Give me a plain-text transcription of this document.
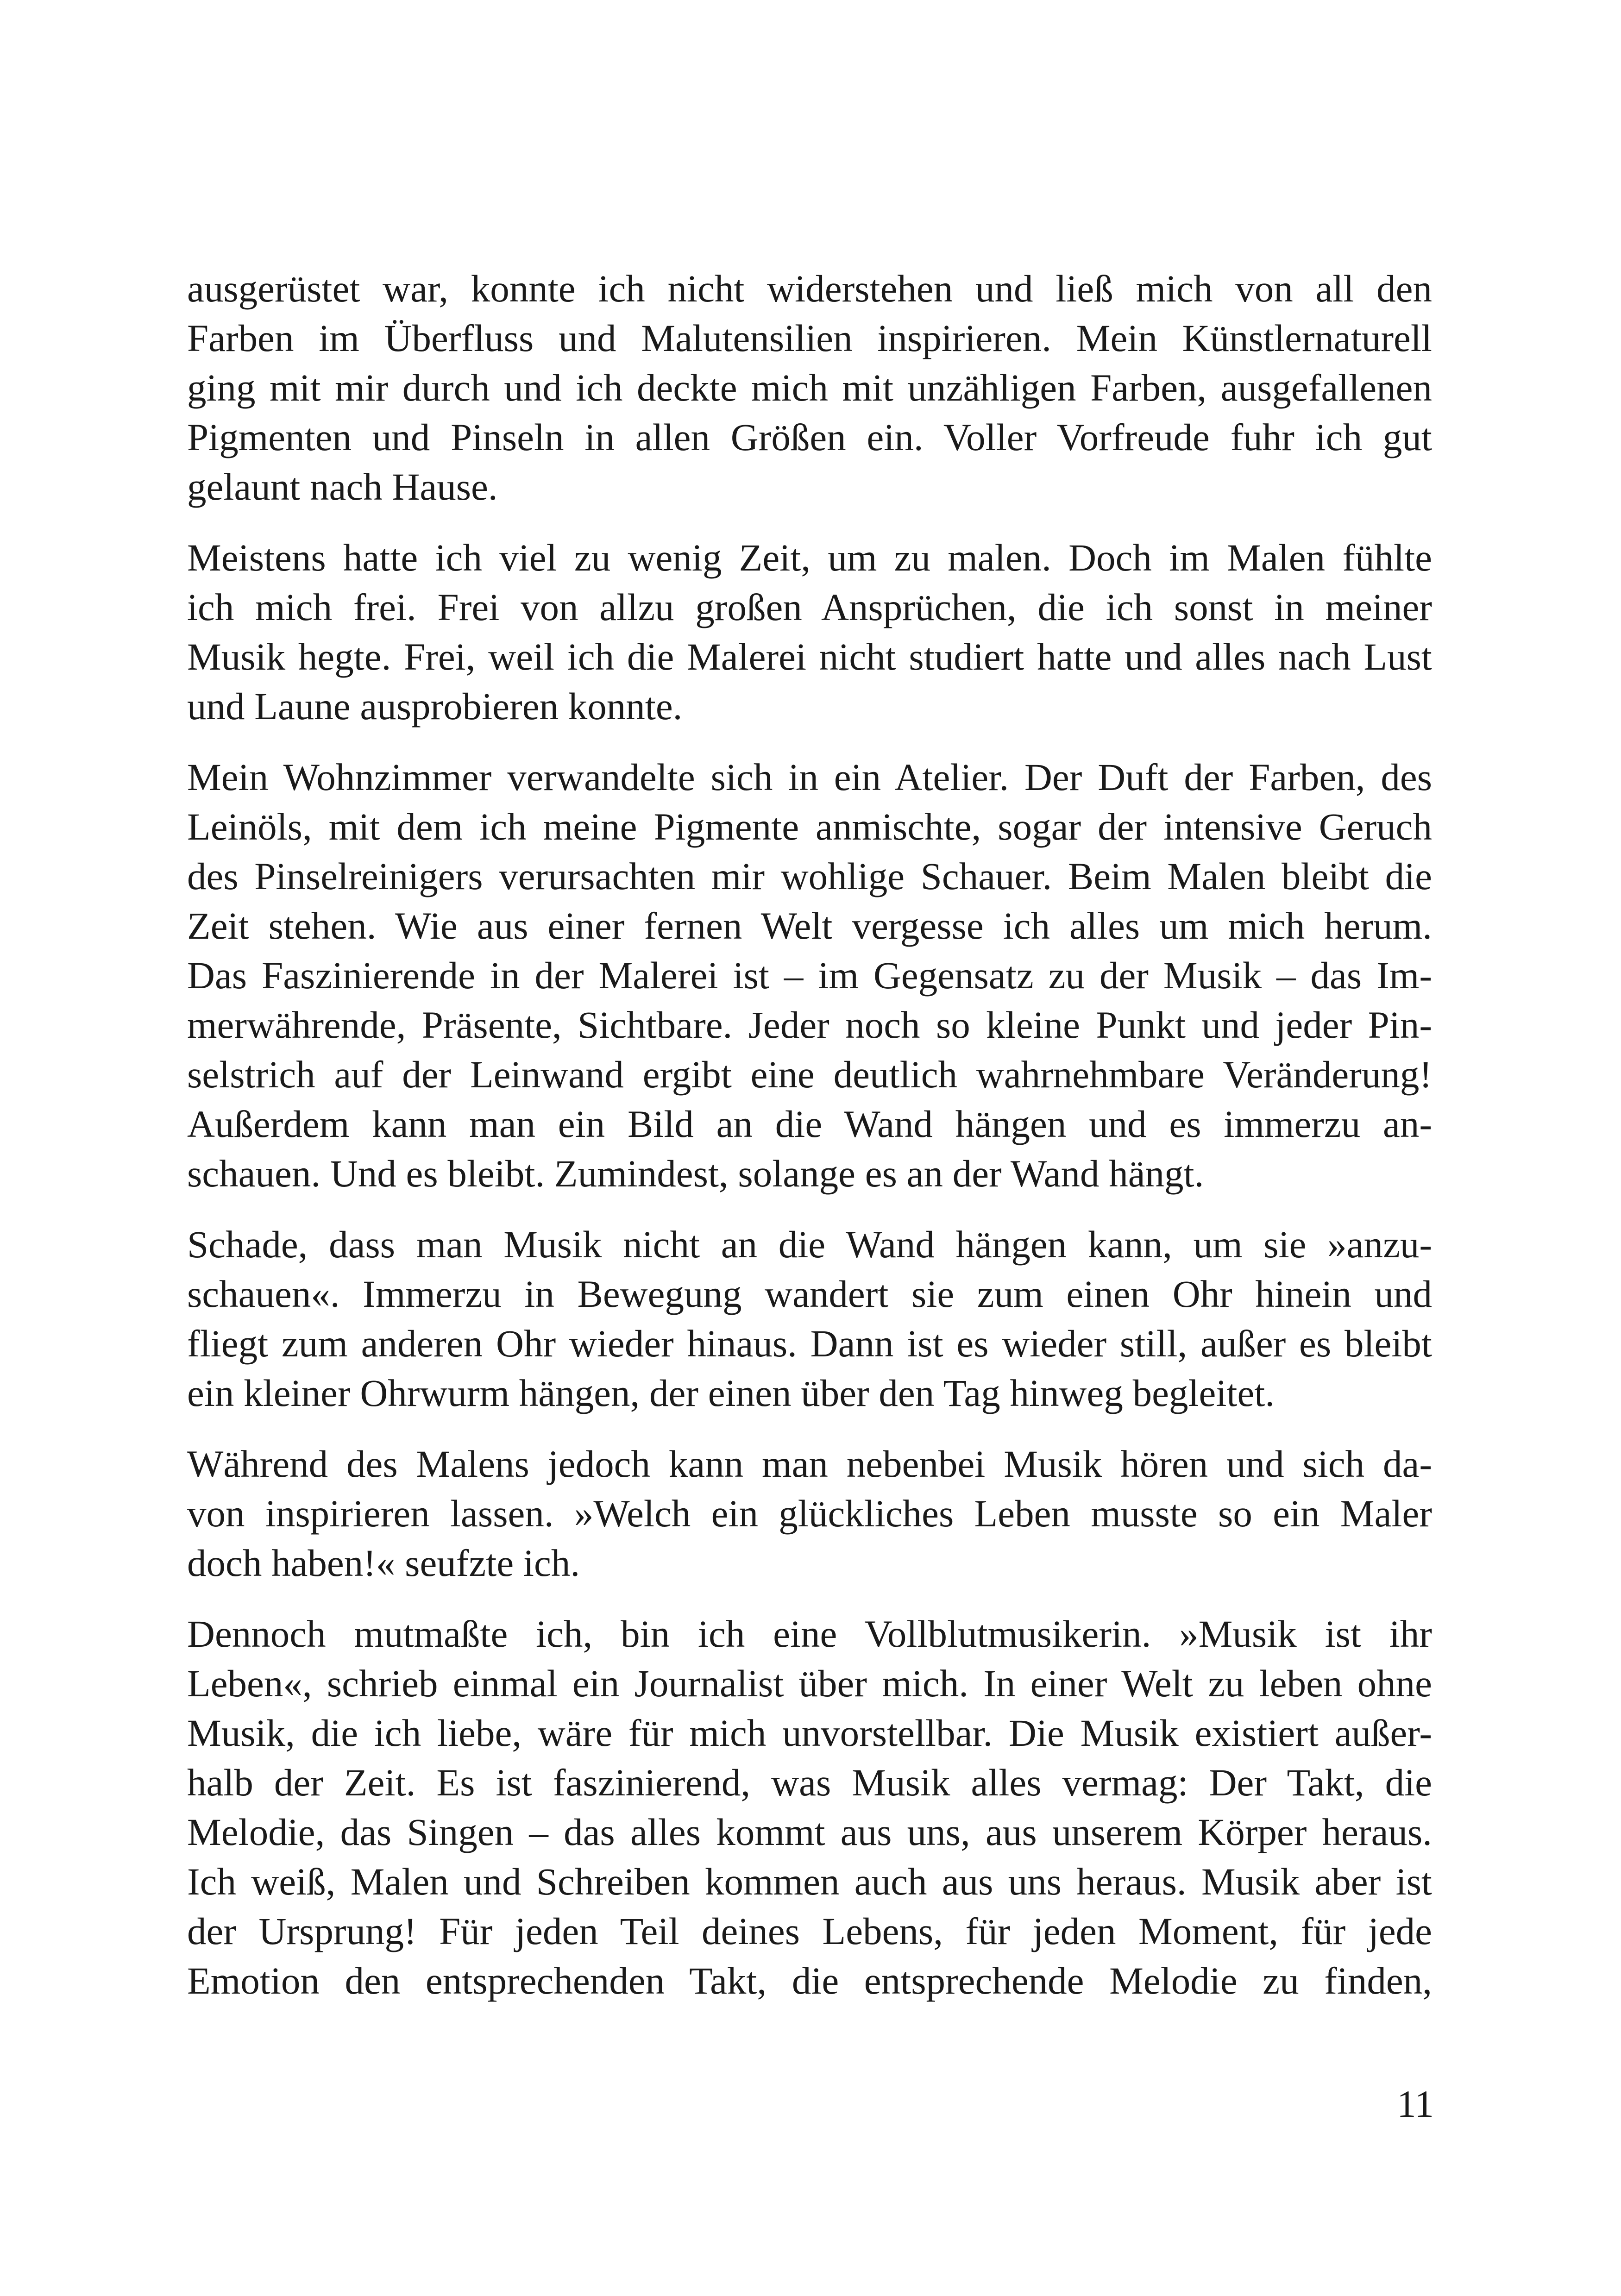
ausgerüstet war, konnte ich nicht widerstehen und ließ mich von all den
Farben im Überfluss und Malutensilien inspirieren. Mein Künstlernaturell
ging mit mir durch und ich deckte mich mit unzähligen Farben, ausgefallenen
Pigmenten und Pinseln in allen Größen ein. Voller Vorfreude fuhr ich gut
gelaunt nach Hause.
Meistens hatte ich viel zu wenig Zeit, um zu malen. Doch im Malen fühlte
ich mich frei. Frei von allzu großen Ansprüchen, die ich sonst in meiner
Musik hegte. Frei, weil ich die Malerei nicht studiert hatte und alles nach Lust
und Laune ausprobieren konnte.
Mein Wohnzimmer verwandelte sich in ein Atelier. Der Duft der Farben, des
Leinöls, mit dem ich meine Pigmente anmischte, sogar der intensive Geruch
des Pinselreinigers verursachten mir wohlige Schauer. Beim Malen bleibt die
Zeit stehen. Wie aus einer fernen Welt vergesse ich alles um mich herum.
Das Faszinierende in der Malerei ist – im Gegensatz zu der Musik – das Im-
merwährende, Präsente, Sichtbare. Jeder noch so kleine Punkt und jeder Pin-
selstrich auf der Leinwand ergibt eine deutlich wahrnehmbare Veränderung!
Außerdem kann man ein Bild an die Wand hängen und es immerzu an-
schauen. Und es bleibt. Zumindest, solange es an der Wand hängt.
Schade, dass man Musik nicht an die Wand hängen kann, um sie »anzu-
schauen«. Immerzu in Bewegung wandert sie zum einen Ohr hinein und
fliegt zum anderen Ohr wieder hinaus. Dann ist es wieder still, außer es bleibt
ein kleiner Ohrwurm hängen, der einen über den Tag hinweg begleitet.
Während des Malens jedoch kann man nebenbei Musik hören und sich da-
von inspirieren lassen. »Welch ein glückliches Leben musste so ein Maler
doch haben!« seufzte ich.
Dennoch mutmaßte ich, bin ich eine Vollblutmusikerin. »Musik ist ihr
Leben«, schrieb einmal ein Journalist über mich. In einer Welt zu leben ohne
Musik, die ich liebe, wäre für mich unvorstellbar. Die Musik existiert außer-
halb der Zeit. Es ist faszinierend, was Musik alles vermag: Der Takt, die
Melodie, das Singen – das alles kommt aus uns, aus unserem Körper heraus.
Ich weiß, Malen und Schreiben kommen auch aus uns heraus. Musik aber ist
der Ursprung! Für jeden Teil deines Lebens, für jeden Moment, für jede
Emotion den entsprechenden Takt, die entsprechende Melodie zu finden,
11
